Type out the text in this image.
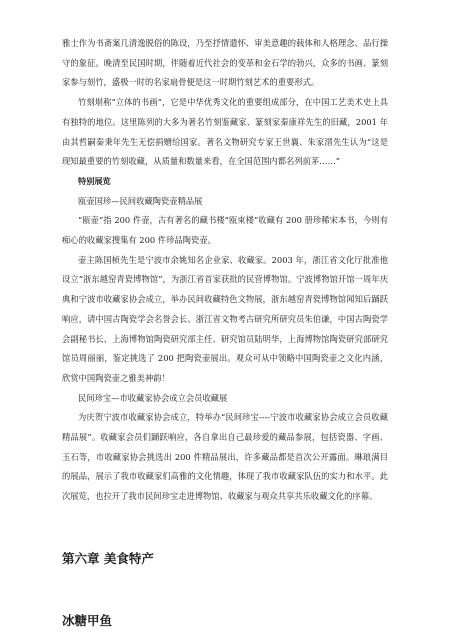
雅士作为书斋案几清逸脱俗的陈设，乃至抒情遣怀、审美意趣的载体和人格理念、品行操守的象征。晚清至民国时期，伴随着近代社会的变革和金石学的勃兴，众多的书画、篆刻家参与刻竹，盛极一时的名家扇骨便是这一时期竹刻艺术的重要形式。

竹刻堪称“立体的书画”，它是中华优秀文化的重要组成部分，在中国工艺美术史上具有独特的地位。这里陈列的大多为著名竹刻鉴藏家、篆刻家秦康祥先生的旧藏，2001 年由其哲嗣秦秉年先生无偿捐赠给国家。著名文物研究专家王世襄、朱家溍先生认为“这是现知最重要的竹刻收藏，从质量和数量来看，在全国范围内都名列前茅……”

特别展览

瓯壶国珍—民间收藏陶瓷壶精品展

“瓯壶”指 200 件壶，古有著名的藏书楼“瓯束楼”收藏有 200 册珍稀宋本书，今则有痴心的收藏家搜集有 200 件珍品陶瓷壶。

壶主陈国桢先生是宁波市余姚知名企业家、收藏家。2003 年，浙江省文化厅批准他设立“浙东越窑青瓷博物馆”，为浙江省首家获批的民营博物馆。宁波博物馆开馆一周年庆典和宁波市收藏家协会成立，举办民间收藏特色文物展，浙东越窑青瓷博物馆闻知后踊跃响应，请中国古陶瓷学会名誉会长、浙江省文物考古研究所研究员朱伯谦，中国古陶瓷学会副秘书长、上海博物馆陶瓷研究部主任、研究馆员陆明华，上海博物馆陶瓷研究部研究馆员周丽丽，鉴定挑选了 200 把陶瓷壶展出。观众可从中领略中国陶瓷壶之文化内涵，欣赏中国陶瓷壶之雅美神韵！

民间珍宝—市收藏家协会成立会员收藏展

为庆贺宁波市收藏家协会成立，特举办“民间珍宝----宁波市收藏家协会成立会员收藏精品展”。收藏家会员们踊跃响应，各自拿出自己最珍爱的藏品参展，包括瓷器、字画、玉石等，市收藏家协会挑选出 200 件精品展出，许多藏品都是首次公开露面。琳琅满目的展品，展示了我市收藏家们高雅的文化情趣，体现了我市收藏家队伍的实力和水平。此次展览，也拉开了我市民间珍宝走进博物馆、收藏家与观众共享共乐收藏文化的序幕。

第六章 美食特产
冰糖甲鱼
